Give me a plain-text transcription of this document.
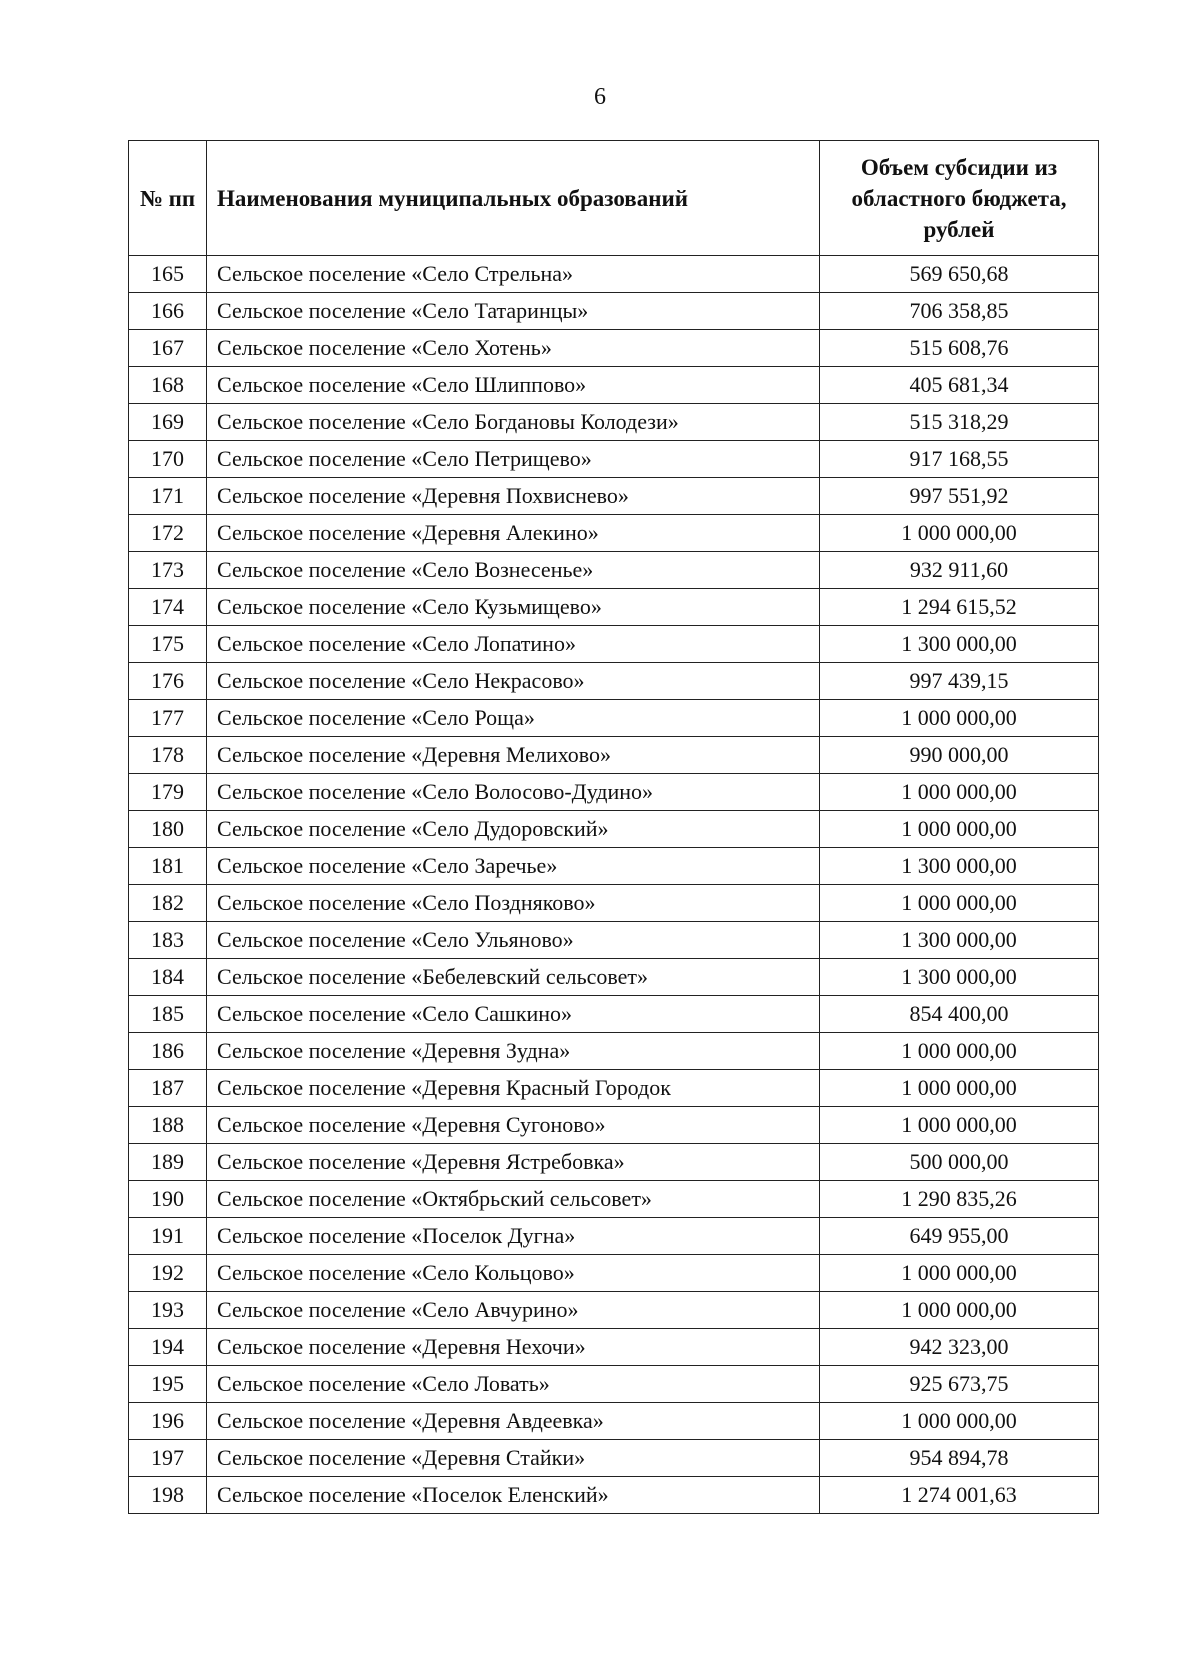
6
№ пп	Наименования муниципальных образований	Объем субсидии из областного бюджета, рублей
165	Сельское поселение «Село Стрельна»	569 650,68
166	Сельское поселение «Село Татаринцы»	706 358,85
167	Сельское поселение «Село Хотень»	515 608,76
168	Сельское поселение «Село Шлиппово»	405 681,34
169	Сельское поселение «Село Богдановы Колодези»	515 318,29
170	Сельское поселение «Село Петрищево»	917 168,55
171	Сельское поселение «Деревня Похвиснево»	997 551,92
172	Сельское поселение «Деревня Алекино»	1 000 000,00
173	Сельское поселение «Село Вознесенье»	932 911,60
174	Сельское поселение «Село Кузьмищево»	1 294 615,52
175	Сельское поселение «Село Лопатино»	1 300 000,00
176	Сельское поселение «Село Некрасово»	997 439,15
177	Сельское поселение «Село Роща»	1 000 000,00
178	Сельское поселение «Деревня Мелихово»	990 000,00
179	Сельское поселение «Село Волосово-Дудино»	1 000 000,00
180	Сельское поселение «Село Дудоровский»	1 000 000,00
181	Сельское поселение «Село Заречье»	1 300 000,00
182	Сельское поселение «Село Поздняково»	1 000 000,00
183	Сельское поселение «Село Ульяново»	1 300 000,00
184	Сельское поселение «Бебелевский сельсовет»	1 300 000,00
185	Сельское поселение «Село Сашкино»	854 400,00
186	Сельское поселение «Деревня Зудна»	1 000 000,00
187	Сельское поселение «Деревня Красный Городок	1 000 000,00
188	Сельское поселение «Деревня Сугоново»	1 000 000,00
189	Сельское поселение «Деревня Ястребовка»	500 000,00
190	Сельское поселение «Октябрьский сельсовет»	1 290 835,26
191	Сельское поселение «Поселок Дугна»	649 955,00
192	Сельское поселение «Село Кольцово»	1 000 000,00
193	Сельское поселение «Село Авчурино»	1 000 000,00
194	Сельское поселение «Деревня Нехочи»	942 323,00
195	Сельское поселение «Село Ловать»	925 673,75
196	Сельское поселение «Деревня Авдеевка»	1 000 000,00
197	Сельское поселение «Деревня Стайки»	954 894,78
198	Сельское поселение «Поселок Еленский»	1 274 001,63
